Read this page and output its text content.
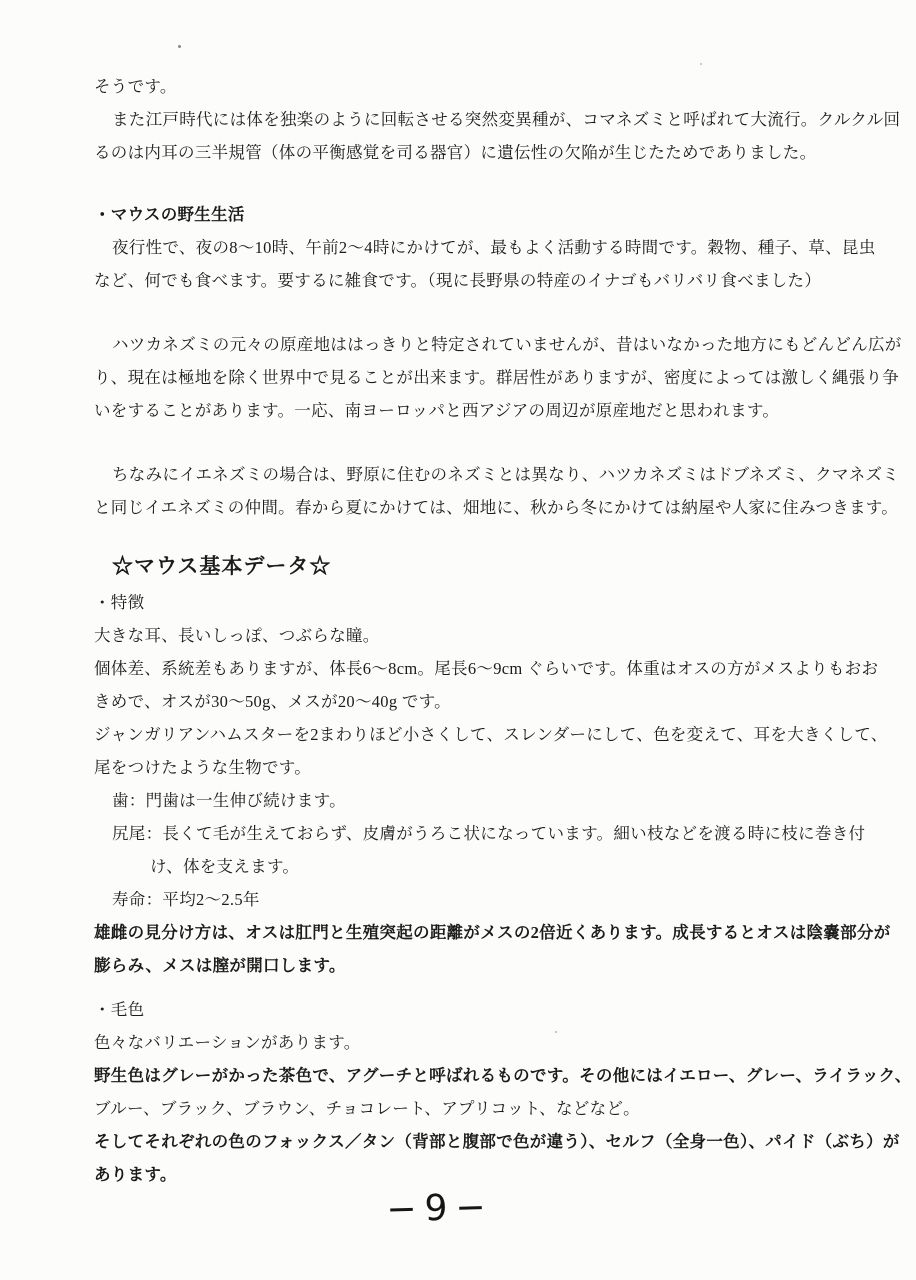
そうです。
また江戸時代には体を独楽のように回転させる突然変異種が、コマネズミと呼ばれて大流行。クルクル回
るのは内耳の三半規管（体の平衡感覚を司る器官）に遺伝性の欠陥が生じたためでありました。
・マウスの野生生活
夜行性で、夜の8～10時、午前2～4時にかけてが、最もよく活動する時間です。穀物、種子、草、昆虫
など、何でも食べます。要するに雑食です。（現に長野県の特産のイナゴもバリバリ食べました）
ハツカネズミの元々の原産地ははっきりと特定されていませんが、昔はいなかった地方にもどんどん広が
り、現在は極地を除く世界中で見ることが出来ます。群居性がありますが、密度によっては激しく縄張り争
いをすることがあります。一応、南ヨーロッパと西アジアの周辺が原産地だと思われます。
ちなみにイエネズミの場合は、野原に住むのネズミとは異なり、ハツカネズミはドブネズミ、クマネズミ
と同じイエネズミの仲間。春から夏にかけては、畑地に、秋から冬にかけては納屋や人家に住みつきます。
☆マウス基本データ☆
・特徴
大きな耳、長いしっぽ、つぶらな瞳。
個体差、系統差もありますが、体長6～8cm。尾長6～9cm ぐらいです。体重はオスの方がメスよりもおお
きめで、オスが30～50g、メスが20～40g です。
ジャンガリアンハムスターを2まわりほど小さくして、スレンダーにして、色を変えて、耳を大きくして、
尾をつけたような生物です。
歯：門歯は一生伸び続けます。
尻尾：長くて毛が生えておらず、皮膚がうろこ状になっています。細い枝などを渡る時に枝に巻き付
け、体を支えます。
寿命：平均2～2.5年
雄雌の見分け方は、オスは肛門と生殖突起の距離がメスの2倍近くあります。成長するとオスは陰嚢部分が
膨らみ、メスは膣が開口します。
・毛色
色々なバリエーションがあります。
野生色はグレーがかった茶色で、アグーチと呼ばれるものです。その他にはイエロー、グレー、ライラック、
ブルー、ブラック、ブラウン、チョコレート、アプリコット、などなど。
そしてそれぞれの色のフォックス／タン（背部と腹部で色が違う）、セルフ（全身一色）、パイド（ぶち）が
あります。
−9−
